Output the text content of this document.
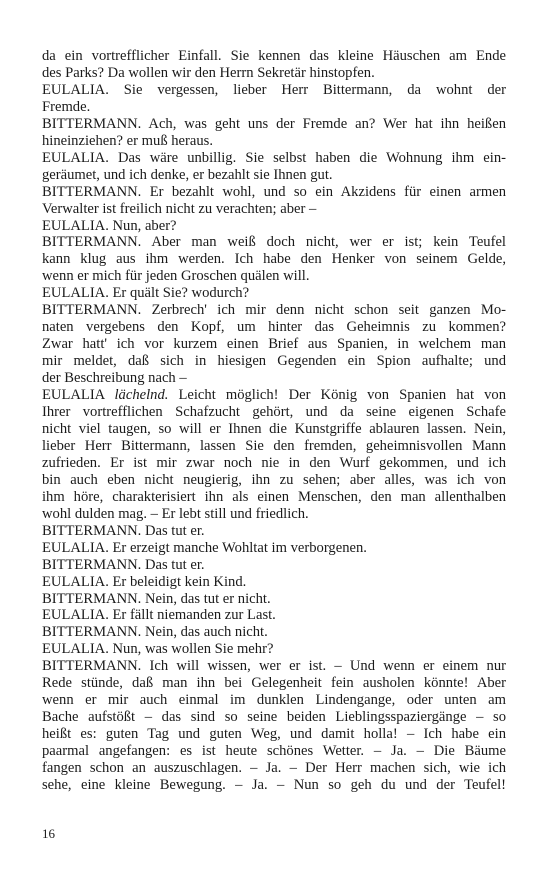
da ein vortrefflicher Einfall. Sie kennen das kleine Häuschen am Ende
des Parks? Da wollen wir den Herrn Sekretär hinstopfen.
EULALIA. Sie vergessen, lieber Herr Bittermann, da wohnt der
Fremde.
BITTERMANN. Ach, was geht uns der Fremde an? Wer hat ihn heißen
hineinziehen? er muß heraus.
EULALIA. Das wäre unbillig. Sie selbst haben die Wohnung ihm ein-
geräumet, und ich denke, er bezahlt sie Ihnen gut.
BITTERMANN. Er bezahlt wohl, und so ein Akzidens für einen armen
Verwalter ist freilich nicht zu verachten; aber –
EULALIA. Nun, aber?
BITTERMANN. Aber man weiß doch nicht, wer er ist; kein Teufel
kann klug aus ihm werden. Ich habe den Henker von seinem Gelde,
wenn er mich für jeden Groschen quälen will.
EULALIA. Er quält Sie? wodurch?
BITTERMANN. Zerbrech' ich mir denn nicht schon seit ganzen Mo-
naten vergebens den Kopf, um hinter das Geheimnis zu kommen?
Zwar hatt' ich vor kurzem einen Brief aus Spanien, in welchem man
mir meldet, daß sich in hiesigen Gegenden ein Spion aufhalte; und
der Beschreibung nach –
EULALIA lächelnd. Leicht möglich! Der König von Spanien hat von
Ihrer vortrefflichen Schafzucht gehört, und da seine eigenen Schafe
nicht viel taugen, so will er Ihnen die Kunstgriffe ablauren lassen. Nein,
lieber Herr Bittermann, lassen Sie den fremden, geheimnisvollen Mann
zufrieden. Er ist mir zwar noch nie in den Wurf gekommen, und ich
bin auch eben nicht neugierig, ihn zu sehen; aber alles, was ich von
ihm höre, charakterisiert ihn als einen Menschen, den man allenthalben
wohl dulden mag. – Er lebt still und friedlich.
BITTERMANN. Das tut er.
EULALIA. Er erzeigt manche Wohltat im verborgenen.
BITTERMANN. Das tut er.
EULALIA. Er beleidigt kein Kind.
BITTERMANN. Nein, das tut er nicht.
EULALIA. Er fällt niemanden zur Last.
BITTERMANN. Nein, das auch nicht.
EULALIA. Nun, was wollen Sie mehr?
BITTERMANN. Ich will wissen, wer er ist. – Und wenn er einem nur
Rede stünde, daß man ihn bei Gelegenheit fein ausholen könnte! Aber
wenn er mir auch einmal im dunklen Lindengange, oder unten am
Bache aufstößt – das sind so seine beiden Lieblingsspaziergänge – so
heißt es: guten Tag und guten Weg, und damit holla! – Ich habe ein
paarmal angefangen: es ist heute schönes Wetter. – Ja. – Die Bäume
fangen schon an auszuschlagen. – Ja. – Der Herr machen sich, wie ich
sehe, eine kleine Bewegung. – Ja. – Nun so geh du und der Teufel!
16
